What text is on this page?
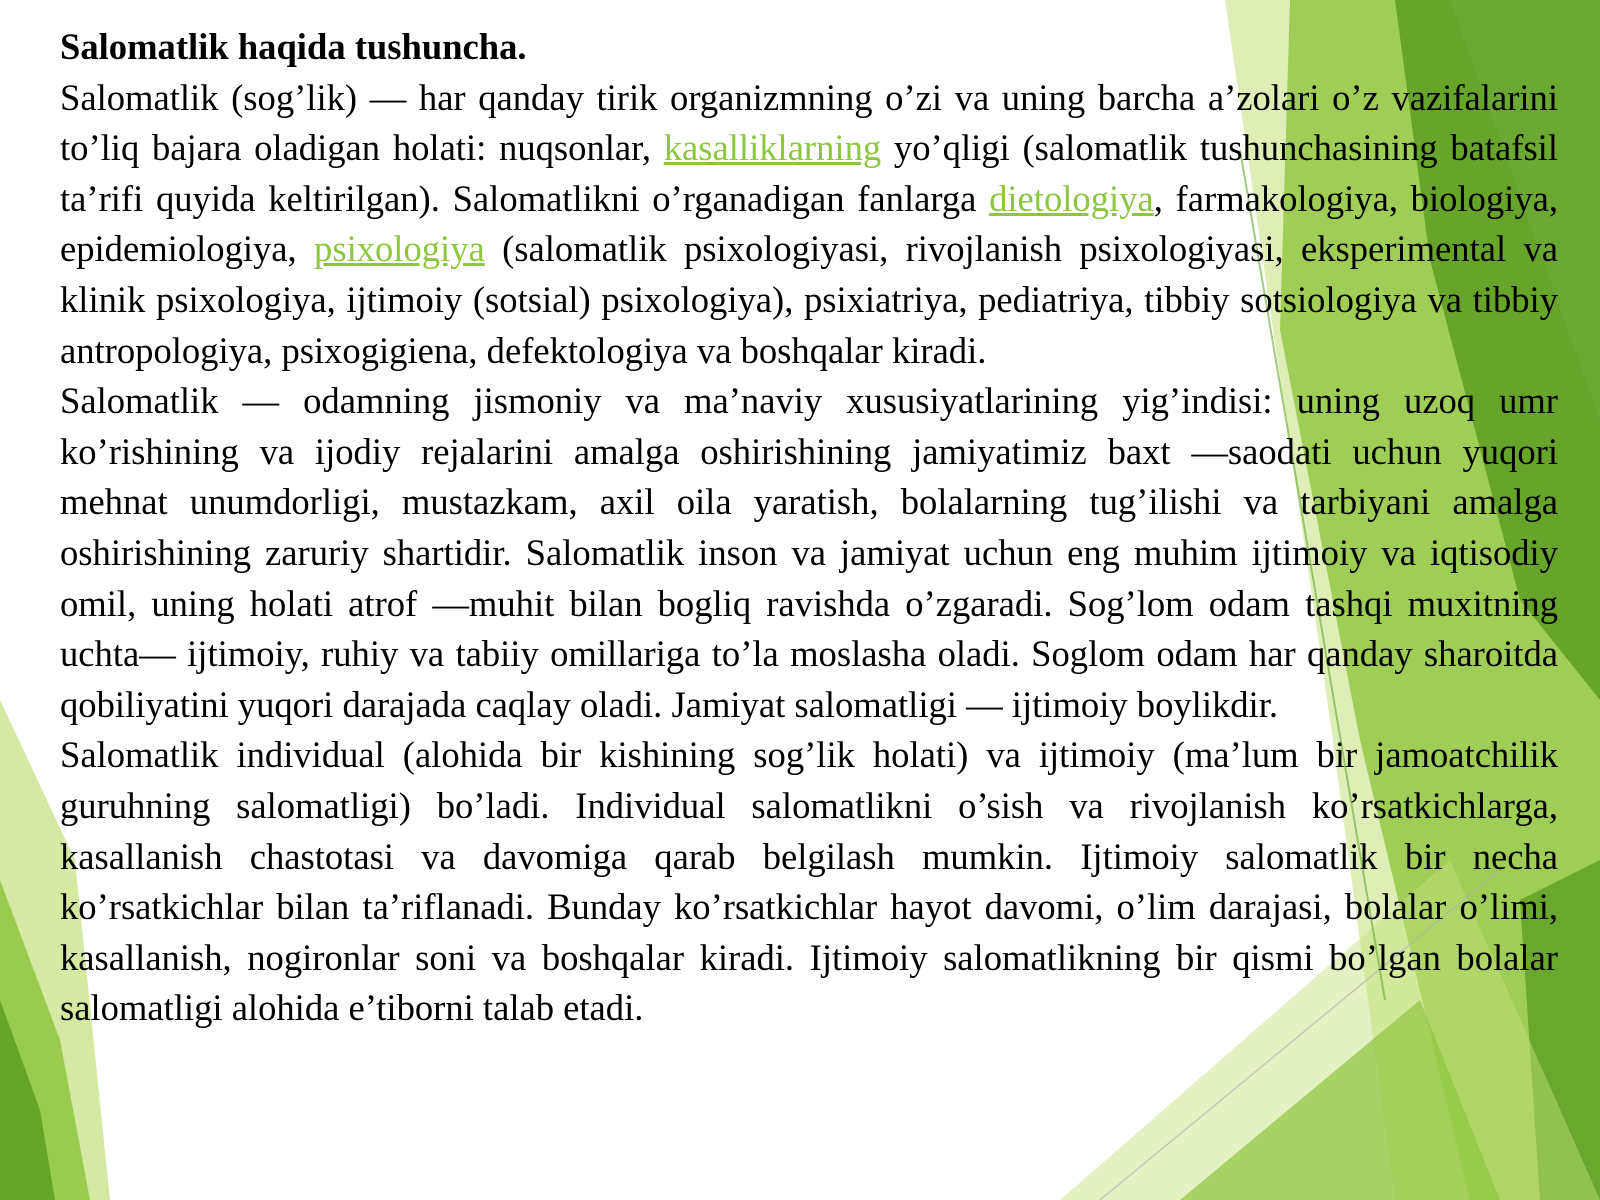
Salomatlik haqida tushuncha.

Salomatlik (sog’lik) — har qanday tirik organizmning o’zi va uning barcha a’zolari o’z vazifalarini to’liq bajara oladigan holati: nuqsonlar, kasalliklarning yo’qligi (salomatlik tushunchasining batafsil ta’rifi quyida keltirilgan). Salomatlikni o’rganadigan fanlarga dietologiya, farmakologiya, biologiya, epidemiologiya, psixologiya (salomatlik psixologiyasi, rivojlanish psixologiyasi, eksperimental va klinik psixologiya, ijtimoiy (sotsial) psixologiya), psixiatriya, pediatriya, tibbiy sotsiologiya va tibbiy antropologiya, psixogigiena, defektologiya va boshqalar kiradi.

Salomatlik — odamning jismoniy va ma’naviy xususiyatlarining yig’indisi: uning uzoq umr ko’rishining va ijodiy rejalarini amalga oshirishining jamiyatimiz baxt —saodati uchun yuqori mehnat unumdorligi, mustazkam, axil oila yaratish, bolalarning tug’ilishi va tarbiyani amalga oshirishining zaruriy shartidir. Salomatlik inson va jamiyat uchun eng muhim ijtimoiy va iqtisodiy omil, uning holati atrof —muhit bilan bogliq ravishda o’zgaradi. Sog’lom odam tashqi muxitning uchta— ijtimoiy, ruhiy va tabiiy omillariga to’la moslasha oladi. Soglom odam har qanday sharoitda qobiliyatini yuqori darajada caqlay oladi. Jamiyat salomatligi — ijtimoiy boylikdir.

Salomatlik individual (alohida bir kishining sog’lik holati) va ijtimoiy (ma’lum bir jamoatchilik guruhning salomatligi) bo’ladi. Individual salomatlikni o’sish va rivojlanish ko’rsatkichlarga, kasallanish chastotasi va davomiga qarab belgilash mumkin. Ijtimoiy salomatlik bir necha ko’rsatkichlar bilan ta’riflanadi. Bunday ko’rsatkichlar hayot davomi, o’lim darajasi, bolalar o’limi, kasallanish, nogironlar soni va boshqalar kiradi. Ijtimoiy salomatlikning bir qismi bo’lgan bolalar salomatligi alohida e’tiborni talab etadi.
